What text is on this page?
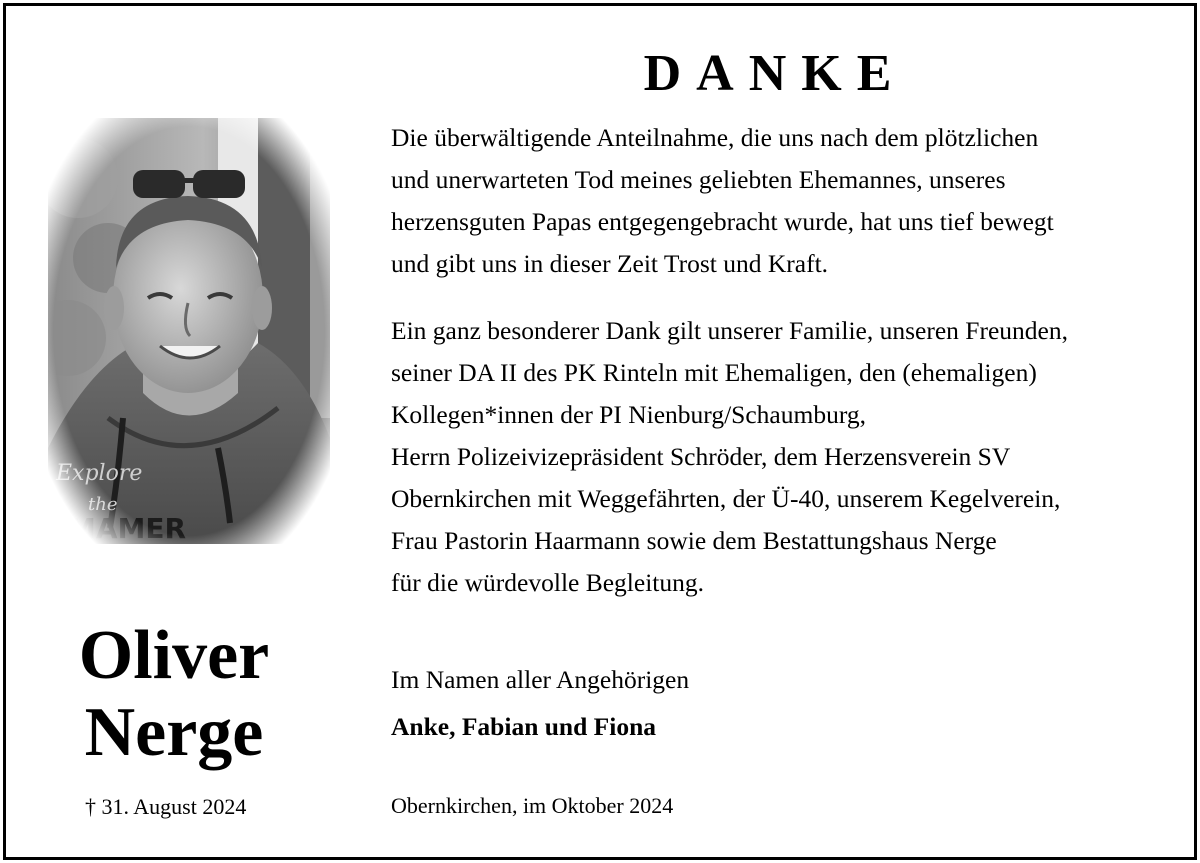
DANKE
Oliver
Nerge
† 31. August 2024
Die überwältigende Anteilnahme, die uns nach dem plötzlichen
und unerwarteten Tod meines geliebten Ehemannes, unseres
herzensguten Papas entgegengebracht wurde, hat uns tief bewegt
und gibt uns in dieser Zeit Trost und Kraft.
Ein ganz besonderer Dank gilt unserer Familie, unseren Freunden,
seiner DA II des PK Rinteln mit Ehemaligen, den (ehemaligen)
Kollegen*innen der PI Nienburg/Schaumburg,
Herrn Polizeivizepräsident Schröder, dem Herzensverein SV
Obernkirchen mit Weggefährten, der Ü-40, unserem Kegelverein,
Frau Pastorin Haarmann sowie dem Bestattungshaus Nerge
für die würdevolle Begleitung.
Im Namen aller Angehörigen
Anke, Fabian und Fiona
Obernkirchen, im Oktober 2024
